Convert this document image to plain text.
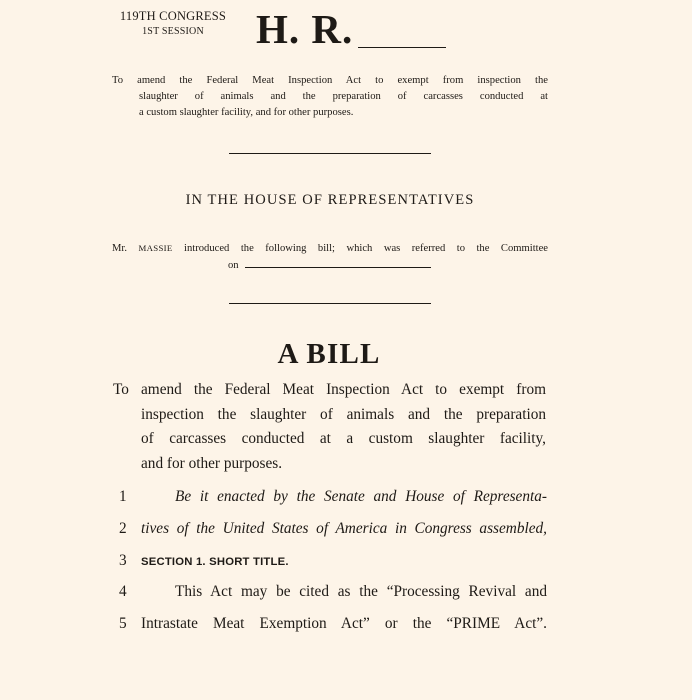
119TH CONGRESS
1ST SESSION	H. R.
To amend the Federal Meat Inspection Act to exempt from inspection the
slaughter of animals and the preparation of carcasses conducted at
a custom slaughter facility, and for other purposes.
IN THE HOUSE OF REPRESENTATIVES
Mr. MASSIE introduced the following bill; which was referred to the Committee
on
A BILL
To amend the Federal Meat Inspection Act to exempt from
inspection the slaughter of animals and the preparation
of carcasses conducted at a custom slaughter facility,
and for other purposes.
1	Be it enacted by the Senate and House of Representa-
2 tives of the United States of America in Congress assembled,
3	SECTION 1. SHORT TITLE.
4	This Act may be cited as the “Processing Revival and
5 Intrastate Meat Exemption Act” or the “PRIME Act”.
